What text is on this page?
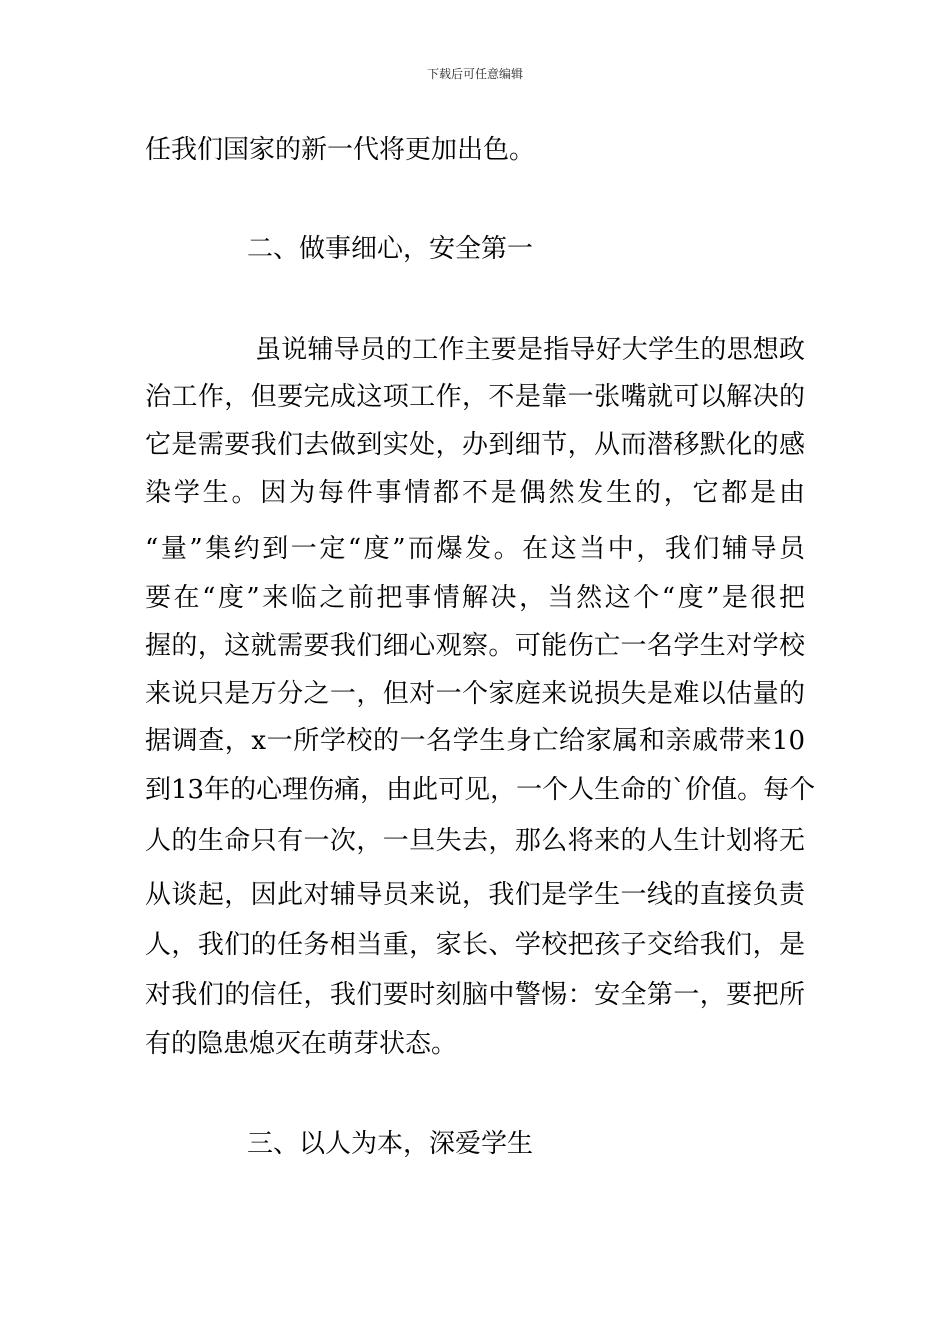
下载后可任意编辑
任我们国家的新一代将更加出色。
二、做事细心，安全第一
虽说辅导员的工作主要是指导好大学生的思想政
治工作，但要完成这项工作，不是靠一张嘴就可以解决的
它是需要我们去做到实处，办到细节，从而潜移默化的感
染学生。因为每件事情都不是偶然发生的，它都是由
“量”集约到一定“度”而爆发。在这当中，我们辅导员
要在“度”来临之前把事情解决，当然这个“度”是很把
握的，这就需要我们细心观察。可能伤亡一名学生对学校
来说只是万分之一，但对一个家庭来说损失是难以估量的
据调查，x一所学校的一名学生身亡给家属和亲戚带来10
到13年的心理伤痛，由此可见，一个人生命的`价值。每个
人的生命只有一次，一旦失去，那么将来的人生计划将无
从谈起，因此对辅导员来说，我们是学生一线的直接负责
人，我们的任务相当重，家长、学校把孩子交给我们，是
对我们的信任，我们要时刻脑中警惕：安全第一，要把所
有的隐患熄灭在萌芽状态。
三、以人为本，深爱学生
